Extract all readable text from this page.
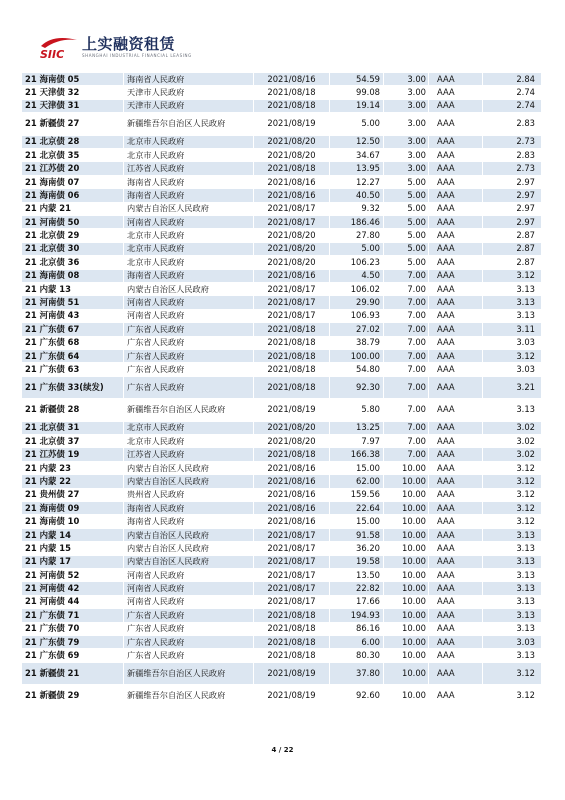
SIIC
上实融资租赁
SHANGHAI INDUSTRIAL FINANCIAL LEASING
21 海南债 05	海南省人民政府	2021/08/16	54.59	3.00	AAA	2.84
21 天津债 32	天津市人民政府	2021/08/18	99.08	3.00	AAA	2.74
21 天津债 31	天津市人民政府	2021/08/18	19.14	3.00	AAA	2.74
21 新疆债 27	新疆维吾尔自治区人民政府	2021/08/19	5.00	3.00	AAA	2.83
21 北京债 28	北京市人民政府	2021/08/20	12.50	3.00	AAA	2.73
21 北京债 35	北京市人民政府	2021/08/20	34.67	3.00	AAA	2.83
21 江苏债 20	江苏省人民政府	2021/08/18	13.95	3.00	AAA	2.73
21 海南债 07	海南省人民政府	2021/08/16	12.27	5.00	AAA	2.97
21 海南债 06	海南省人民政府	2021/08/16	40.50	5.00	AAA	2.97
21 内蒙 21	内蒙古自治区人民政府	2021/08/17	9.32	5.00	AAA	2.97
21 河南债 50	河南省人民政府	2021/08/17	186.46	5.00	AAA	2.97
21 北京债 29	北京市人民政府	2021/08/20	27.80	5.00	AAA	2.87
21 北京债 30	北京市人民政府	2021/08/20	5.00	5.00	AAA	2.87
21 北京债 36	北京市人民政府	2021/08/20	106.23	5.00	AAA	2.87
21 海南债 08	海南省人民政府	2021/08/16	4.50	7.00	AAA	3.12
21 内蒙 13	内蒙古自治区人民政府	2021/08/17	106.02	7.00	AAA	3.13
21 河南债 51	河南省人民政府	2021/08/17	29.90	7.00	AAA	3.13
21 河南债 43	河南省人民政府	2021/08/17	106.93	7.00	AAA	3.13
21 广东债 67	广东省人民政府	2021/08/18	27.02	7.00	AAA	3.11
21 广东债 68	广东省人民政府	2021/08/18	38.79	7.00	AAA	3.03
21 广东债 64	广东省人民政府	2021/08/18	100.00	7.00	AAA	3.12
21 广东债 63	广东省人民政府	2021/08/18	54.80	7.00	AAA	3.03
21 广东债 33(续发)	广东省人民政府	2021/08/18	92.30	7.00	AAA	3.21
21 新疆债 28	新疆维吾尔自治区人民政府	2021/08/19	5.80	7.00	AAA	3.13
21 北京债 31	北京市人民政府	2021/08/20	13.25	7.00	AAA	3.02
21 北京债 37	北京市人民政府	2021/08/20	7.97	7.00	AAA	3.02
21 江苏债 19	江苏省人民政府	2021/08/18	166.38	7.00	AAA	3.02
21 内蒙 23	内蒙古自治区人民政府	2021/08/16	15.00	10.00	AAA	3.12
21 内蒙 22	内蒙古自治区人民政府	2021/08/16	62.00	10.00	AAA	3.12
21 贵州债 27	贵州省人民政府	2021/08/16	159.56	10.00	AAA	3.12
21 海南债 09	海南省人民政府	2021/08/16	22.64	10.00	AAA	3.12
21 海南债 10	海南省人民政府	2021/08/16	15.00	10.00	AAA	3.12
21 内蒙 14	内蒙古自治区人民政府	2021/08/17	91.58	10.00	AAA	3.13
21 内蒙 15	内蒙古自治区人民政府	2021/08/17	36.20	10.00	AAA	3.13
21 内蒙 17	内蒙古自治区人民政府	2021/08/17	19.58	10.00	AAA	3.13
21 河南债 52	河南省人民政府	2021/08/17	13.50	10.00	AAA	3.13
21 河南债 42	河南省人民政府	2021/08/17	22.82	10.00	AAA	3.13
21 河南债 44	河南省人民政府	2021/08/17	17.66	10.00	AAA	3.13
21 广东债 71	广东省人民政府	2021/08/18	194.93	10.00	AAA	3.13
21 广东债 70	广东省人民政府	2021/08/18	86.16	10.00	AAA	3.13
21 广东债 79	广东省人民政府	2021/08/18	6.00	10.00	AAA	3.03
21 广东债 69	广东省人民政府	2021/08/18	80.30	10.00	AAA	3.13
21 新疆债 21	新疆维吾尔自治区人民政府	2021/08/19	37.80	10.00	AAA	3.12
21 新疆债 29	新疆维吾尔自治区人民政府	2021/08/19	92.60	10.00	AAA	3.12
4 / 22
